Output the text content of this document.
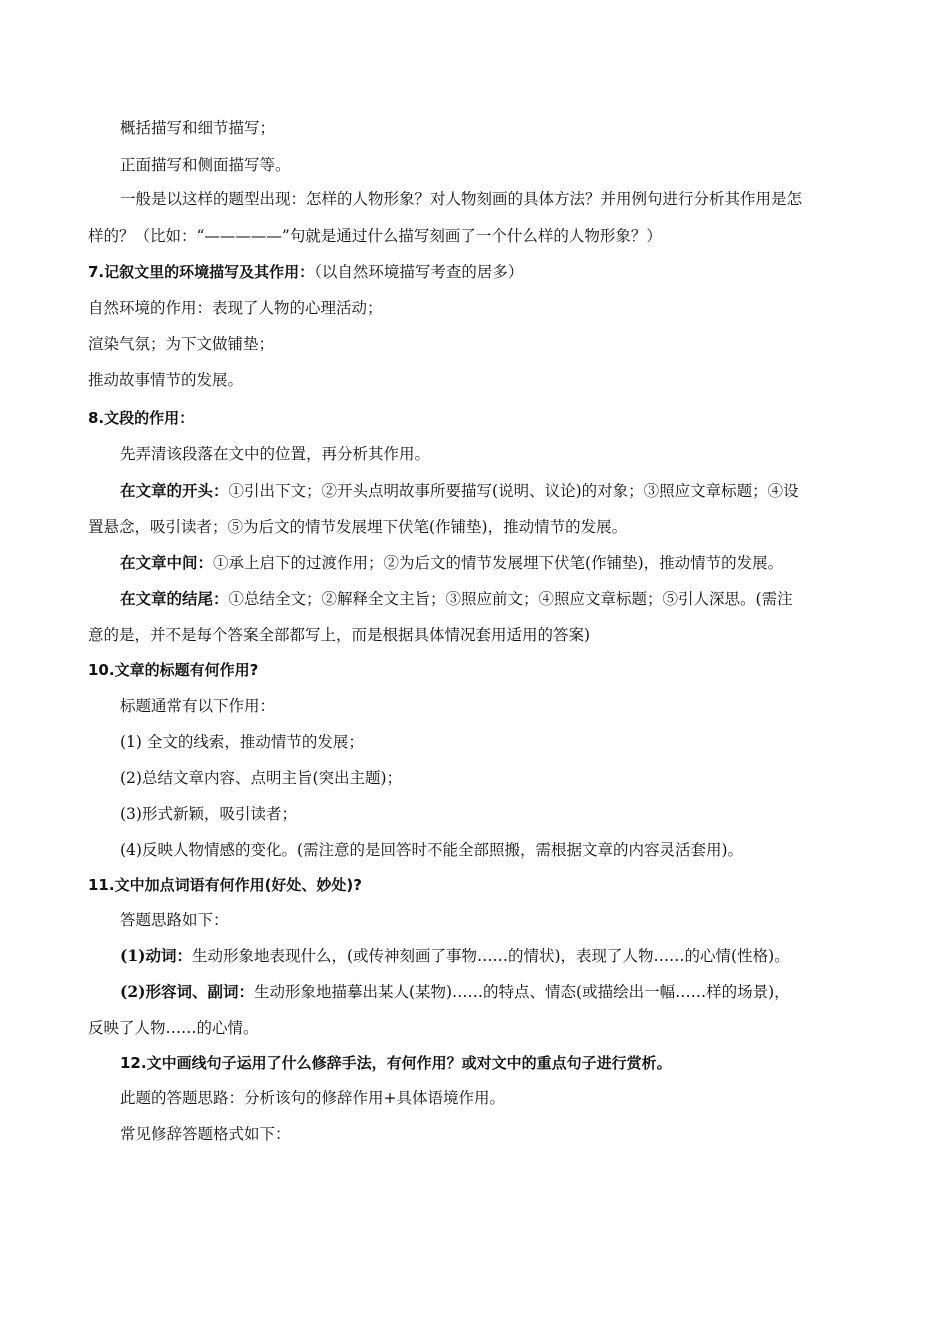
概括描写和细节描写；
正面描写和侧面描写等。
一般是以这样的题型出现：怎样的人物形象？对人物刻画的具体方法？并用例句进行分析其作用是怎
样的？（比如：“—————”句就是通过什么描写刻画了一个什么样的人物形象？）
7.记叙文里的环境描写及其作用：（以自然环境描写考查的居多）
自然环境的作用：表现了人物的心理活动；
渲染气氛；为下文做铺垫；
推动故事情节的发展。
8.文段的作用：
先弄清该段落在文中的位置，再分析其作用。
在文章的开头：①引出下文；②开头点明故事所要描写(说明、议论)的对象；③照应文章标题；④设
置悬念，吸引读者；⑤为后文的情节发展埋下伏笔(作铺垫)，推动情节的发展。
在文章中间：①承上启下的过渡作用；②为后文的情节发展埋下伏笔(作铺垫)，推动情节的发展。
在文章的结尾：①总结全文；②解释全文主旨；③照应前文；④照应文章标题；⑤引人深思。(需注
意的是，并不是每个答案全部都写上，而是根据具体情况套用适用的答案)
10.文章的标题有何作用?
标题通常有以下作用：
(1) 全文的线索，推动情节的发展；
(2)总结文章内容、点明主旨(突出主题)；
(3)形式新颖，吸引读者；
(4)反映人物情感的变化。(需注意的是回答时不能全部照搬，需根据文章的内容灵活套用)。
11.文中加点词语有何作用(好处、妙处)?
答题思路如下：
(1)动词：生动形象地表现什么，(或传神刻画了事物……的情状)，表现了人物……的心情(性格)。
(2)形容词、副词：生动形象地描摹出某人(某物)……的特点、情态(或描绘出一幅……样的场景)，
反映了人物……的心情。
12.文中画线句子运用了什么修辞手法，有何作用？或对文中的重点句子进行赏析。
此题的答题思路：分析该句的修辞作用+具体语境作用。
常见修辞答题格式如下：
